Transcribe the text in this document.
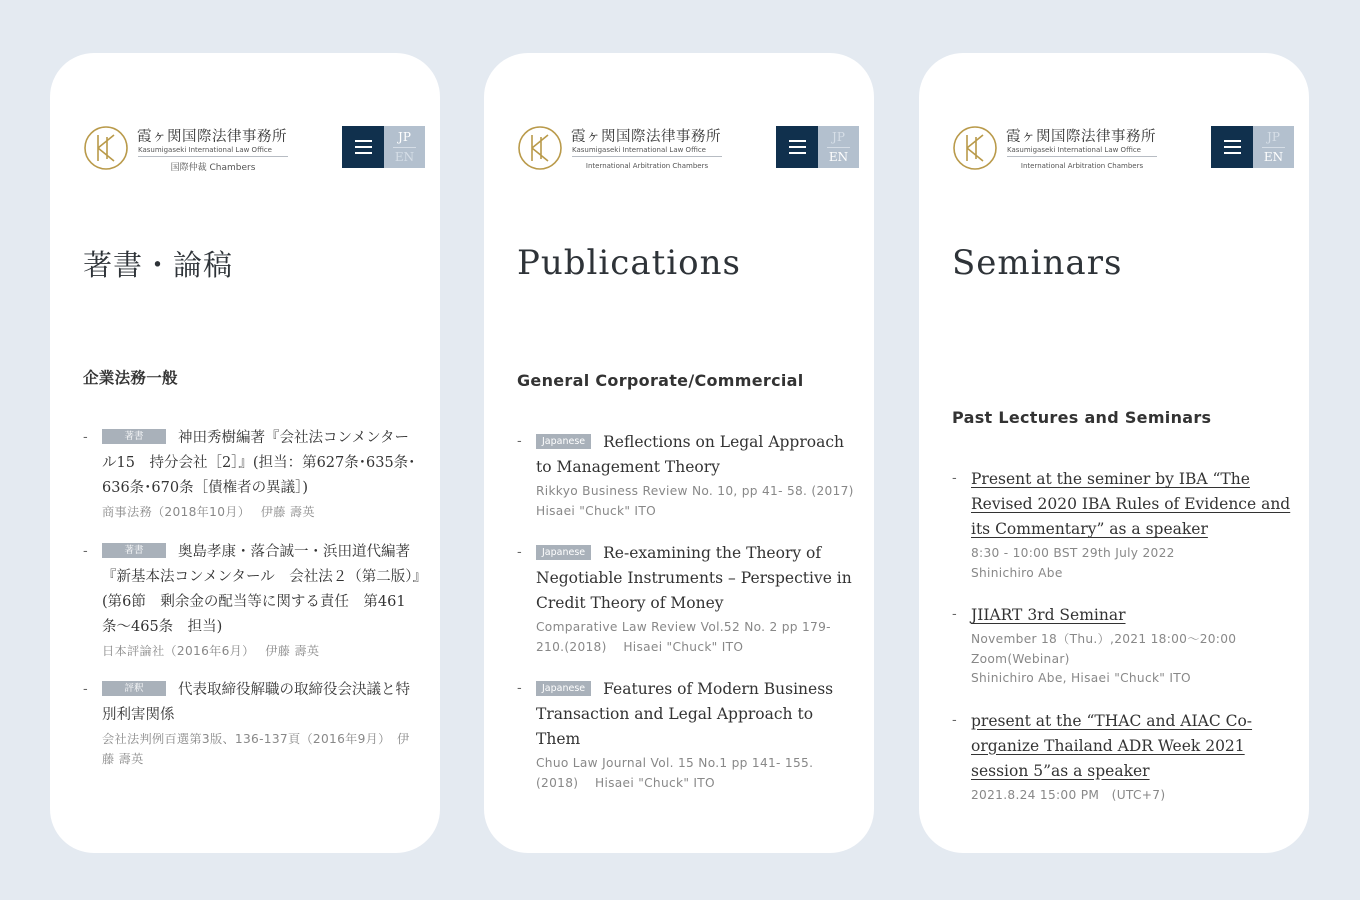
霞ヶ関国際法律事務所
Kasumigaseki International Law Office
国際仲裁 Chambers
JP
EN
著書・論稿
企業法務一般
-	著書 神田秀樹編著『会社法コンメンタール15　持分会社［2］』(担当：第627条･635条･636条･670条［債権者の異議］)
商事法務（2018年10月）　 伊藤 壽英
-	著書 奥島孝康・落合誠一・浜田道代編著『新基本法コンメンタール　会社法２（第二版）』(第6節　剰余金の配当等に関する責任　第461条〜465条　担当)
日本評論社（2016年6月）　 伊藤 壽英
-	評釈 代表取締役解職の取締役会決議と特別利害関係
会社法判例百選第3版、136-137頁（2016年9月）　伊藤 壽英
霞ヶ関国際法律事務所
Kasumigaseki International Law Office
International Arbitration Chambers
JP
EN
Publications
General Corporate/Commercial
- Japanese Reflections on Legal Approach to Management Theory
Rikkyo Business Review No. 10, pp 41- 58. (2017)　 Hisaei "Chuck" ITO
- Japanese Re-examining the Theory of Negotiable Instruments – Perspective in Credit Theory of Money
Comparative Law Review Vol.52 No. 2 pp 179-210.(2018)　 Hisaei "Chuck" ITO
- Japanese Features of Modern Business Transaction and Legal Approach to Them
Chuo Law Journal Vol. 15 No.1 pp 141- 155. (2018)　 Hisaei "Chuck" ITO
霞ヶ関国際法律事務所
Kasumigaseki International Law Office
International Arbitration Chambers
JP
EN
Seminars
Past Lectures and Seminars
- Present at the seminer by IBA “The Revised 2020 IBA Rules of Evidence and its Commentary” as a speaker
8:30 - 10:00 BST 29th July 2022
Shinichiro Abe
- JIIART 3rd Seminar
November 18（Thu.）,2021 18:00〜20:00
Zoom(Webinar)
Shinichiro Abe, Hisaei "Chuck" ITO
- present at the “THAC and AIAC Co-organize Thailand ADR Week 2021 session 5”as a speaker
2021.8.24 15:00 PM　(UTC+7)
